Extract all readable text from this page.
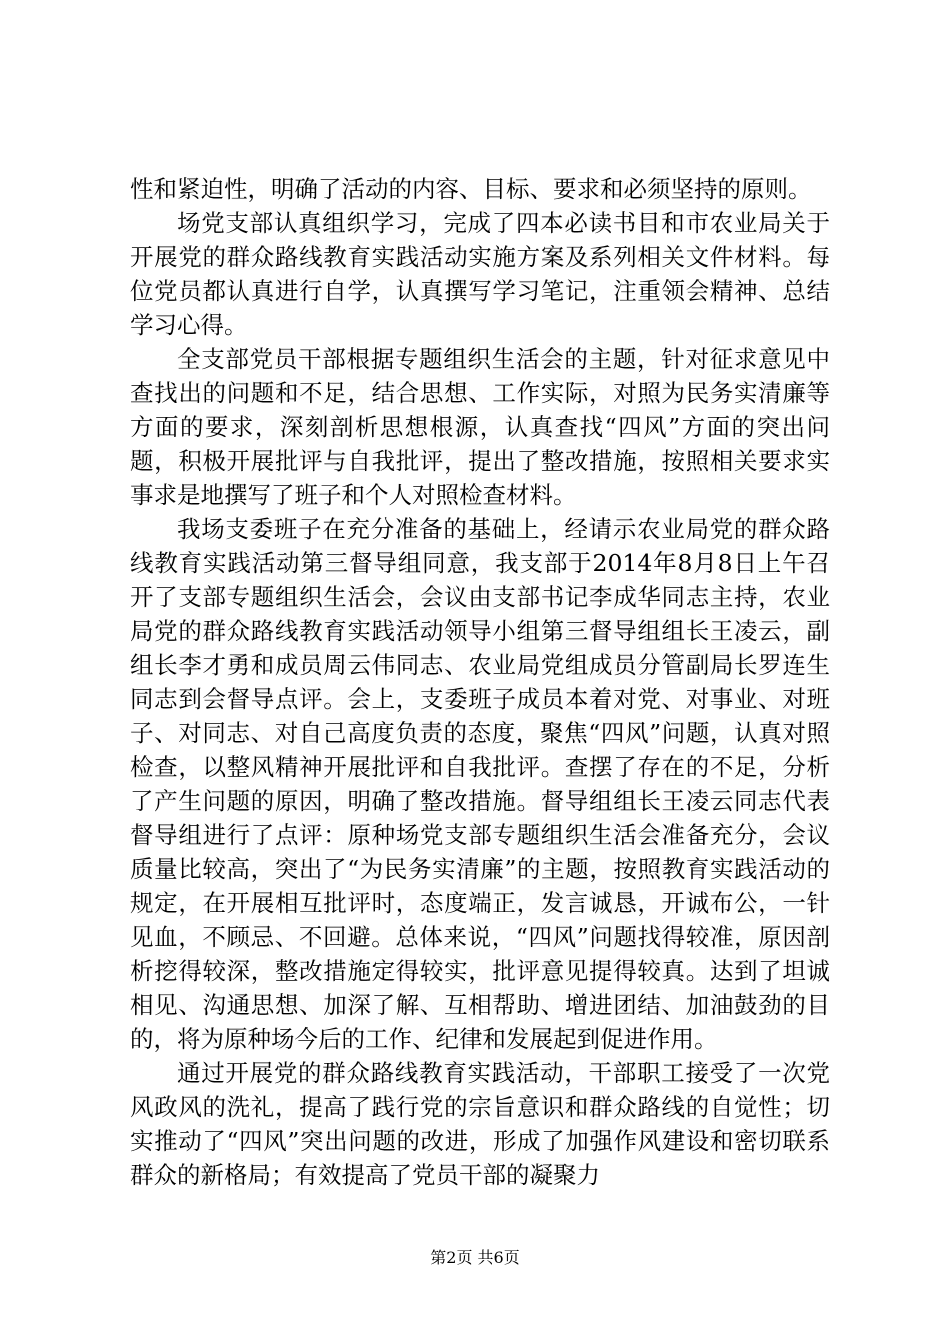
性和紧迫性，明确了活动的内容、目标、要求和必须坚持的原则。

场党支部认真组织学习，完成了四本必读书目和市农业局关于开展党的群众路线教育实践活动实施方案及系列相关文件材料。每位党员都认真进行自学，认真撰写学习笔记，注重领会精神、总结学习心得。

全支部党员干部根据专题组织生活会的主题，针对征求意见中查找出的问题和不足，结合思想、工作实际，对照为民务实清廉等方面的要求，深刻剖析思想根源，认真查找“四风”方面的突出问题，积极开展批评与自我批评，提出了整改措施，按照相关要求实事求是地撰写了班子和个人对照检查材料。

我场支委班子在充分准备的基础上，经请示农业局党的群众路线教育实践活动第三督导组同意，我支部于2014年8月8日上午召开了支部专题组织生活会，会议由支部书记李成华同志主持，农业局党的群众路线教育实践活动领导小组第三督导组组长王凌云，副组长李才勇和成员周云伟同志、农业局党组成员分管副局长罗连生同志到会督导点评。会上，支委班子成员本着对党、对事业、对班子、对同志、对自己高度负责的态度，聚焦“四风”问题，认真对照检查，以整风精神开展批评和自我批评。查摆了存在的不足，分析了产生问题的原因，明确了整改措施。督导组组长王凌云同志代表督导组进行了点评：原种场党支部专题组织生活会准备充分，会议质量比较高，突出了“为民务实清廉”的主题，按照教育实践活动的规定，在开展相互批评时，态度端正，发言诚恳，开诚布公，一针见血，不顾忌、不回避。总体来说，“四风”问题找得较准，原因剖析挖得较深，整改措施定得较实，批评意见提得较真。达到了坦诚相见、沟通思想、加深了解、互相帮助、增进团结、加油鼓劲的目的，将为原种场今后的工作、纪律和发展起到促进作用。

通过开展党的群众路线教育实践活动，干部职工接受了一次党风政风的洗礼，提高了践行党的宗旨意识和群众路线的自觉性；切实推动了“四风”突出问题的改进，形成了加强作风建设和密切联系群众的新格局；有效提高了党员干部的凝聚力

第2页 共6页
